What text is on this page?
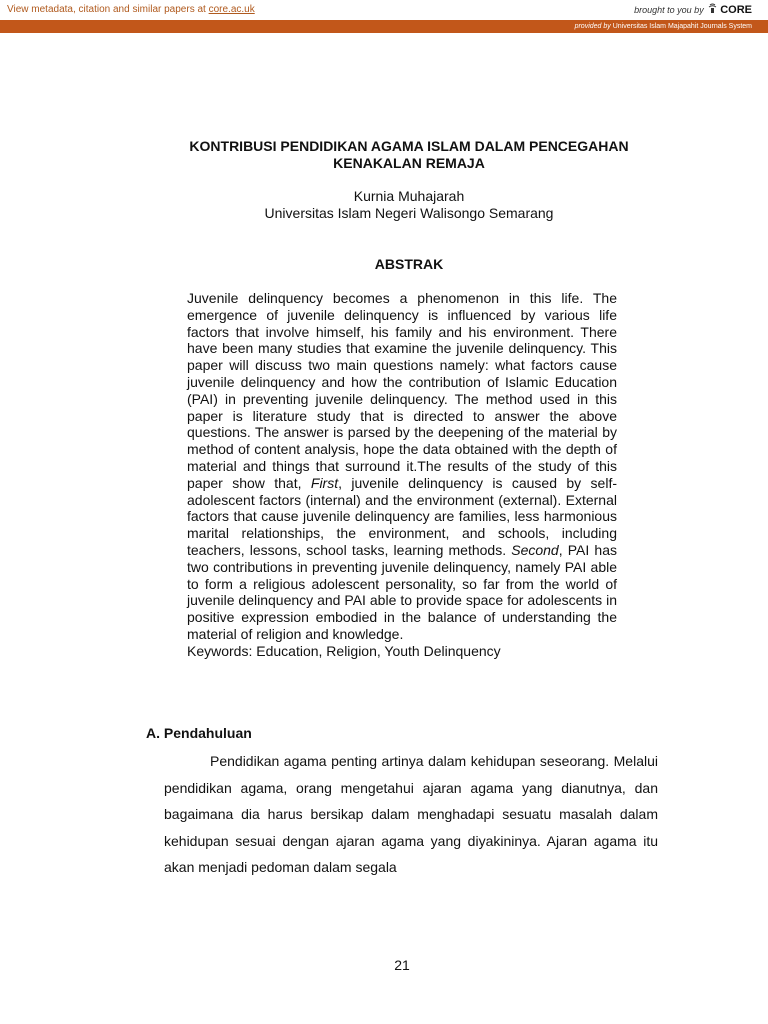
View metadata, citation and similar papers at core.ac.uk	brought to you by CORE
provided by Universitas Islam Majapahit Journals System
KONTRIBUSI PENDIDIKAN AGAMA ISLAM DALAM PENCEGAHAN
KENAKALAN REMAJA
Kurnia Muhajarah
Universitas Islam Negeri Walisongo Semarang
ABSTRAK

Juvenile delinquency becomes a phenomenon in this life. The emergence of juvenile delinquency is influenced by various life factors that involve himself, his family and his environment. There have been many studies that examine the juvenile delinquency. This paper will discuss two main questions namely: what factors cause juvenile delinquency and how the contribution of Islamic Education (PAI) in preventing juvenile delinquency. The method used in this paper is literature study that is directed to answer the above questions. The answer is parsed by the deepening of the material by method of content analysis, hope the data obtained with the depth of material and things that surround it.The results of the study of this paper show that, First, juvenile delinquency is caused by self-adolescent factors (internal) and the environment (external). External factors that cause juvenile delinquency are families, less harmonious marital relationships, the environment, and schools, including teachers, lessons, school tasks, learning methods. Second, PAI has two contributions in preventing juvenile delinquency, namely PAI able to form a religious adolescent personality, so far from the world of juvenile delinquency and PAI able to provide space for adolescents in positive expression embodied in the balance of understanding the material of religion and knowledge.

Keywords: Education, Religion, Youth Delinquency

A. Pendahuluan

Pendidikan agama penting artinya dalam kehidupan seseorang. Melalui pendidikan agama, orang mengetahui ajaran agama yang dianutnya, dan bagaimana dia harus bersikap dalam menghadapi sesuatu masalah dalam kehidupan sesuai dengan ajaran agama yang diyakininya. Ajaran agama itu akan menjadi pedoman dalam segala

21
